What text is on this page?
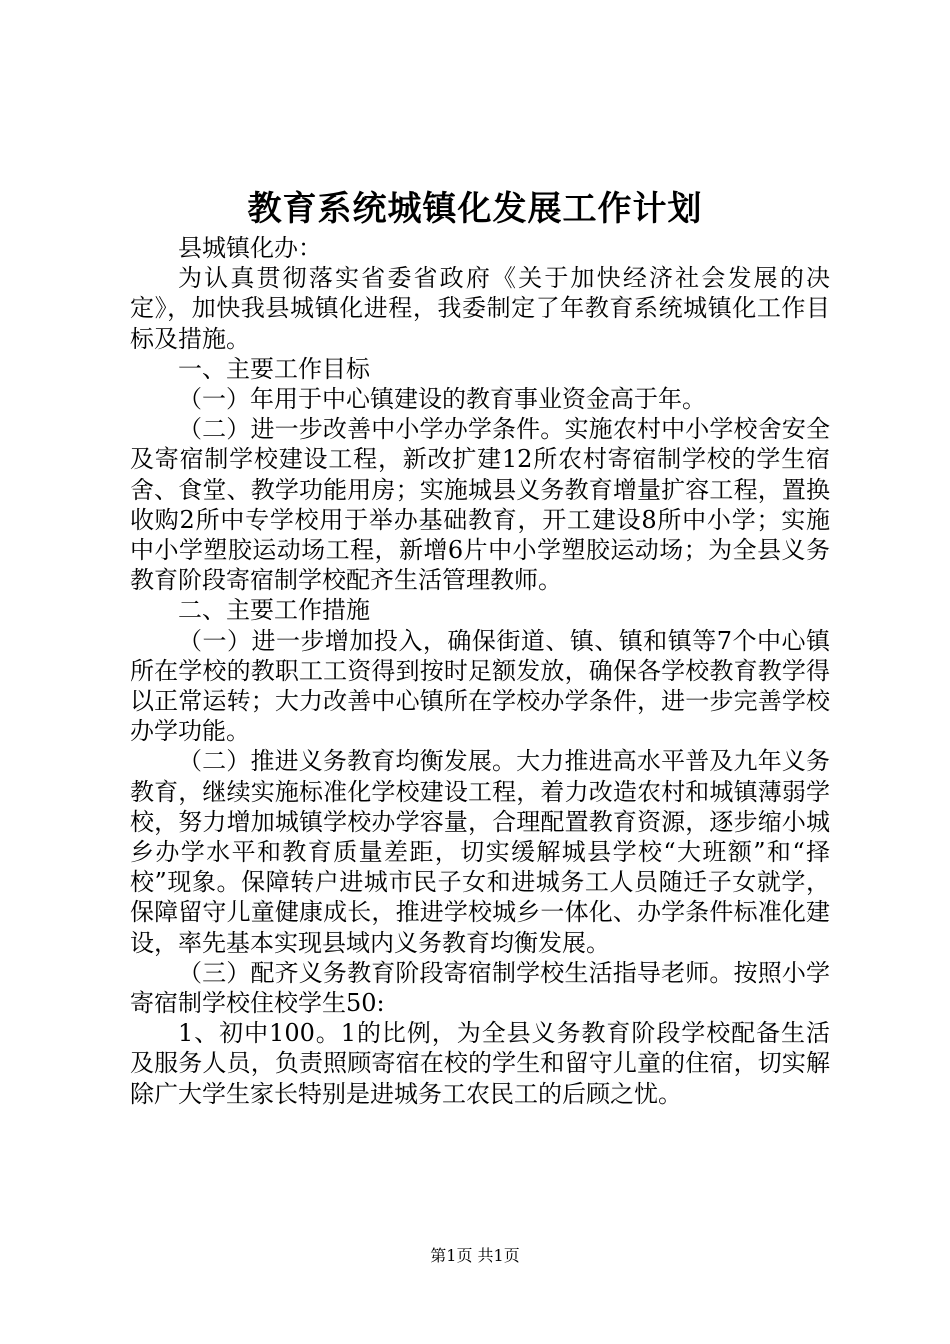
教育系统城镇化发展工作计划

县城镇化办：

为认真贯彻落实省委省政府《关于加快经济社会发展的决定》，加快我县城镇化进程，我委制定了年教育系统城镇化工作目标及措施。

一、主要工作目标

（一）年用于中心镇建设的教育事业资金高于年。

（二）进一步改善中小学办学条件。实施农村中小学校舍安全及寄宿制学校建设工程，新改扩建12所农村寄宿制学校的学生宿舍、食堂、教学功能用房；实施城县义务教育增量扩容工程，置换收购2所中专学校用于举办基础教育，开工建设8所中小学；实施中小学塑胶运动场工程，新增6片中小学塑胶运动场；为全县义务教育阶段寄宿制学校配齐生活管理教师。

二、主要工作措施

（一）进一步增加投入，确保街道、镇、镇和镇等7个中心镇所在学校的教职工工资得到按时足额发放，确保各学校教育教学得以正常运转；大力改善中心镇所在学校办学条件，进一步完善学校办学功能。

（二）推进义务教育均衡发展。大力推进高水平普及九年义务教育，继续实施标准化学校建设工程，着力改造农村和城镇薄弱学校，努力增加城镇学校办学容量，合理配置教育资源，逐步缩小城乡办学水平和教育质量差距，切实缓解城县学校“大班额”和“择校”现象。保障转户进城市民子女和进城务工人员随迁子女就学，保障留守儿童健康成长，推进学校城乡一体化、办学条件标准化建设，率先基本实现县域内义务教育均衡发展。

（三）配齐义务教育阶段寄宿制学校生活指导老师。按照小学寄宿制学校住校学生50:

1、初中100。1的比例，为全县义务教育阶段学校配备生活及服务人员，负责照顾寄宿在校的学生和留守儿童的住宿，切实解除广大学生家长特别是进城务工农民工的后顾之忧。

第1页 共1页
